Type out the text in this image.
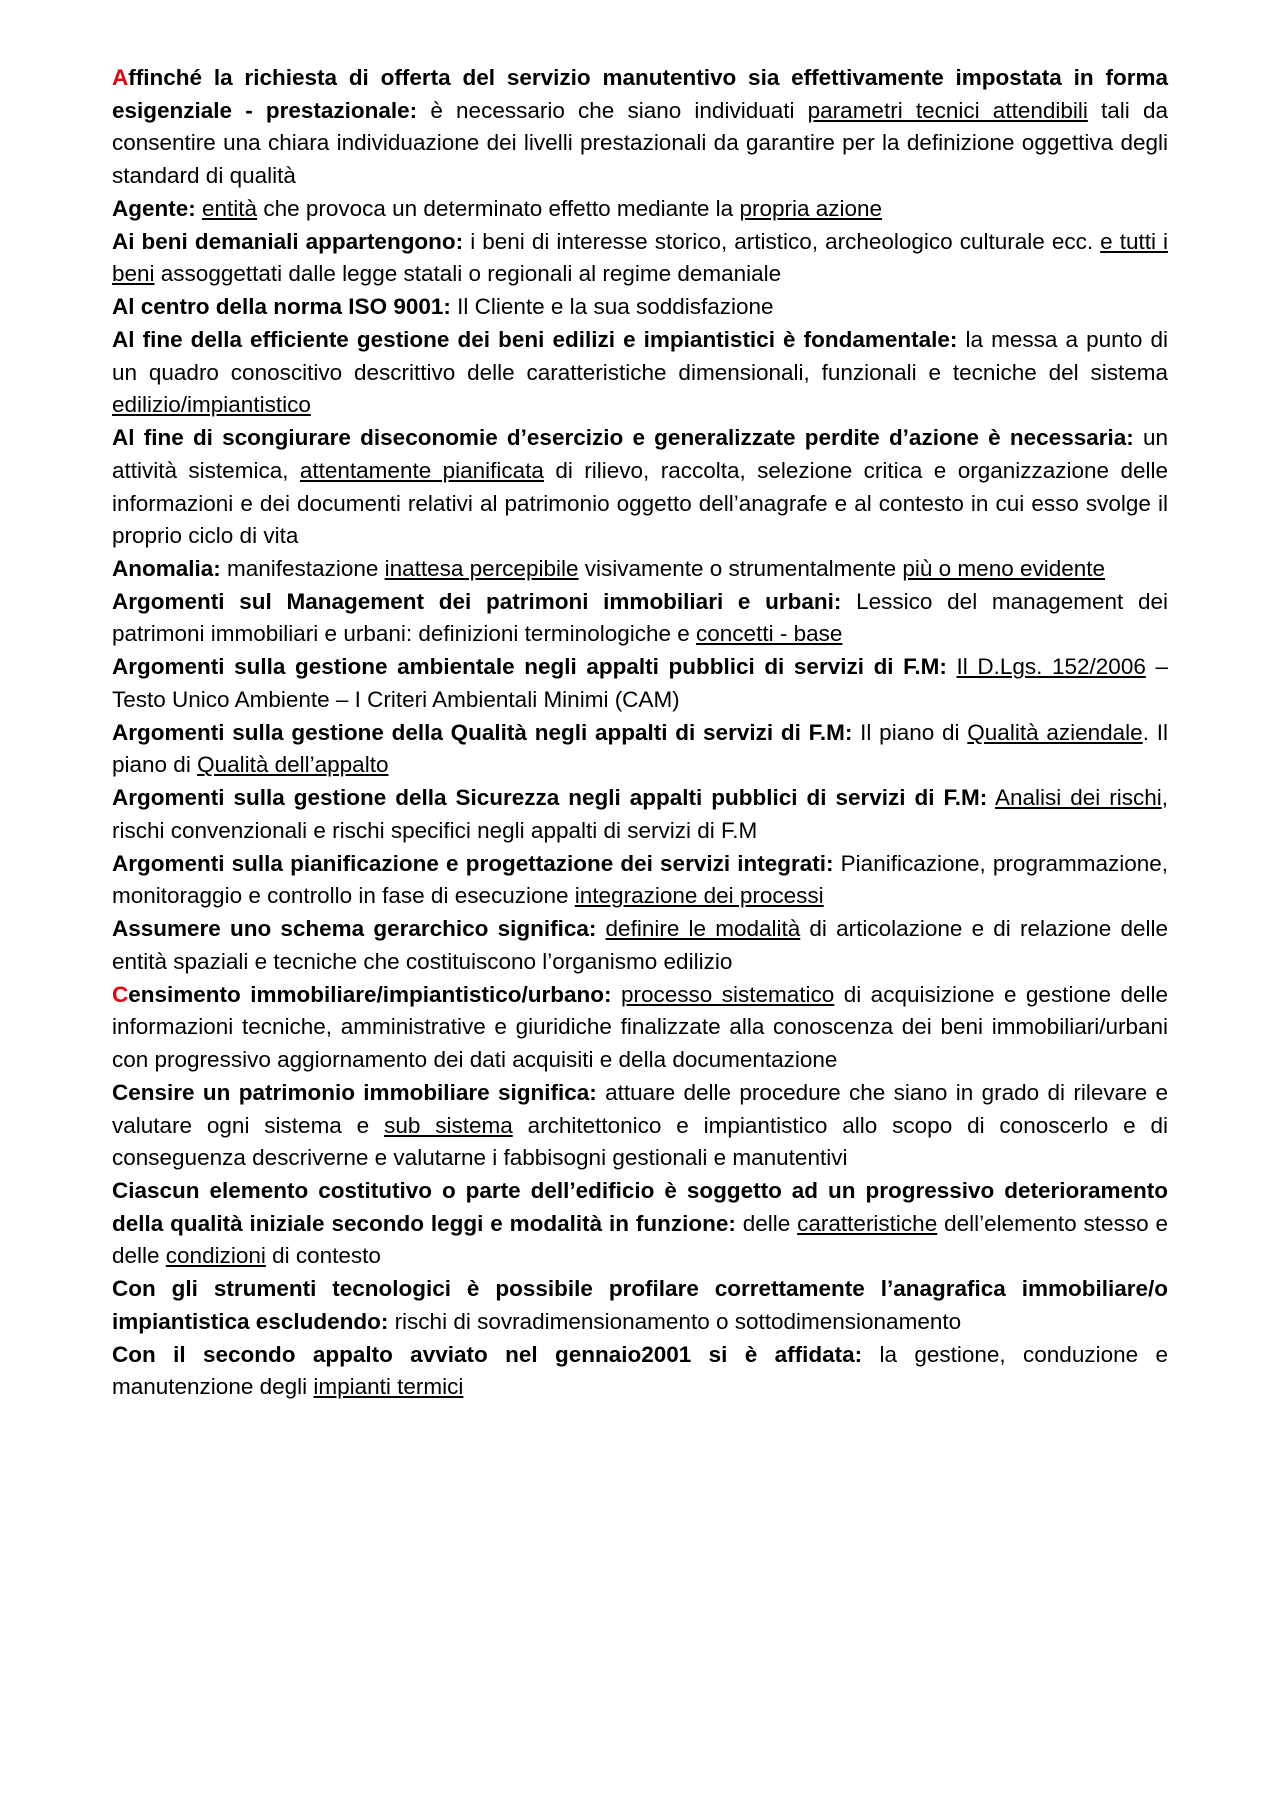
Affinché la richiesta di offerta del servizio manutentivo sia effettivamente impostata in forma esigenziale - prestazionale: è necessario che siano individuati parametri tecnici attendibili tali da consentire una chiara individuazione dei livelli prestazionali da garantire per la definizione oggettiva degli standard di qualità

Agente: entità che provoca un determinato effetto mediante la propria azione

Ai beni demaniali appartengono: i beni di interesse storico, artistico, archeologico culturale ecc. e tutti i beni assoggettati dalle legge statali o regionali al regime demaniale

Al centro della norma ISO 9001: Il Cliente e la sua soddisfazione

Al fine della efficiente gestione dei beni edilizi e impiantistici è fondamentale: la messa a punto di un quadro conoscitivo descrittivo delle caratteristiche dimensionali, funzionali e tecniche del sistema edilizio/impiantistico

Al fine di scongiurare diseconomie d’esercizio e generalizzate perdite d’azione è necessaria: un attività sistemica, attentamente pianificata di rilievo, raccolta, selezione critica e organizzazione delle informazioni e dei documenti relativi al patrimonio oggetto dell’anagrafe e al contesto in cui esso svolge il proprio ciclo di vita

Anomalia: manifestazione inattesa percepibile visivamente o strumentalmente più o meno evidente

Argomenti sul Management dei patrimoni immobiliari e urbani: Lessico del management dei patrimoni immobiliari e urbani: definizioni terminologiche e concetti - base

Argomenti sulla gestione ambientale negli appalti pubblici di servizi di F.M: Il D.Lgs. 152/2006 – Testo Unico Ambiente – I Criteri Ambientali Minimi (CAM)

Argomenti sulla gestione della Qualità negli appalti di servizi di F.M: Il piano di Qualità aziendale. Il piano di Qualità dell’appalto

Argomenti sulla gestione della Sicurezza negli appalti pubblici di servizi di F.M: Analisi dei rischi, rischi convenzionali e rischi specifici negli appalti di servizi di F.M

Argomenti sulla pianificazione e progettazione dei servizi integrati: Pianificazione, programmazione, monitoraggio e controllo in fase di esecuzione integrazione dei processi

Assumere uno schema gerarchico significa: definire le modalità di articolazione e di relazione delle entità spaziali e tecniche che costituiscono l’organismo edilizio

Censimento immobiliare/impiantistico/urbano: processo sistematico di acquisizione e gestione delle informazioni tecniche, amministrative e giuridiche finalizzate alla conoscenza dei beni immobiliari/urbani con progressivo aggiornamento dei dati acquisiti e della documentazione

Censire un patrimonio immobiliare significa: attuare delle procedure che siano in grado di rilevare e valutare ogni sistema e sub sistema architettonico e impiantistico allo scopo di conoscerlo e di conseguenza descriverne e valutarne i fabbisogni gestionali e manutentivi

Ciascun elemento costitutivo o parte dell’edificio è soggetto ad un progressivo deterioramento della qualità iniziale secondo leggi e modalità in funzione: delle caratteristiche dell’elemento stesso e delle condizioni di contesto

Con gli strumenti tecnologici è possibile profilare correttamente l’anagrafica immobiliare/o impiantistica escludendo: rischi di sovradimensionamento o sottodimensionamento

Con il secondo appalto avviato nel gennaio2001 si è affidata: la gestione, conduzione e manutenzione degli impianti termici
